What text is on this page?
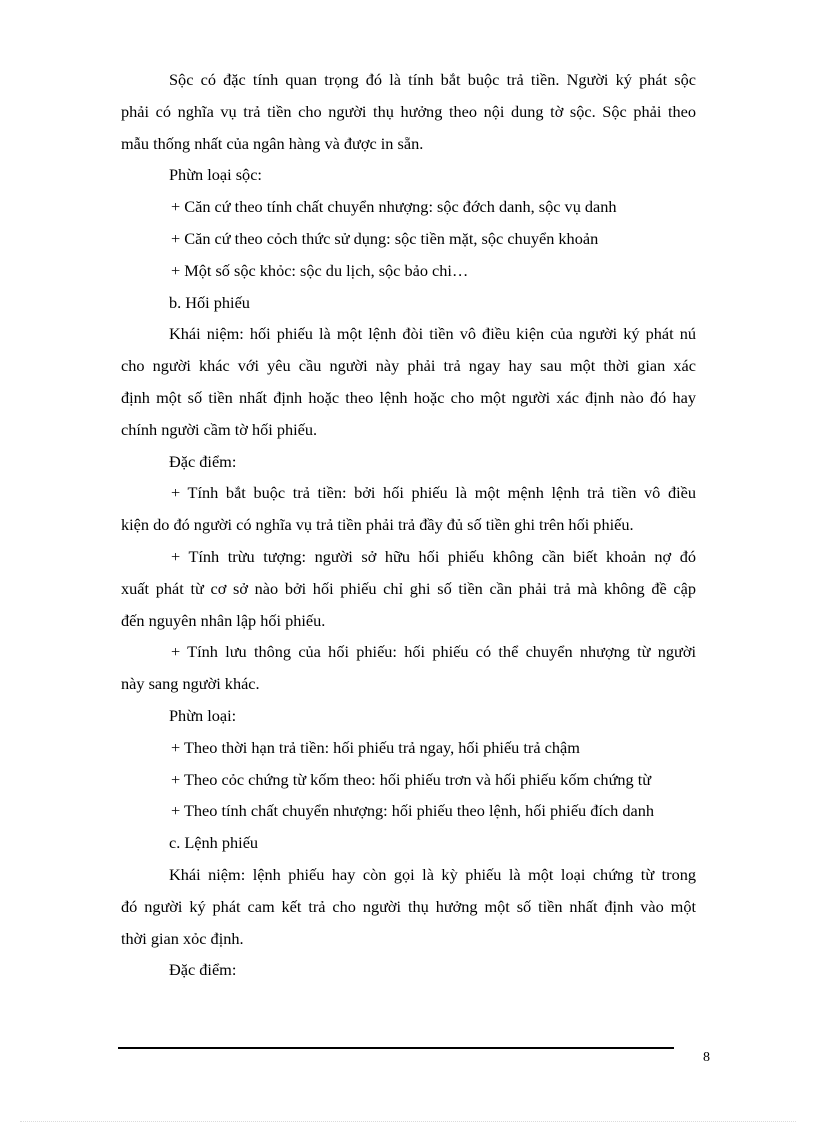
Sộc có đặc tính quan trọng đó là tính bắt buộc trả tiền. Người ký phát sộc
phải có nghĩa vụ trả tiền cho người thụ hưởng theo nội dung tờ sộc. Sộc phải theo
mẫu thống nhất của ngân hàng và được in sẵn.
Phừn loại sộc:
+ Căn cứ theo tính chất chuyển nhượng: sộc đớch danh, sộc vụ danh
+ Căn cứ theo cỏch thức sử dụng: sộc tiền mặt, sộc chuyển khoản
+ Một số sộc khỏc: sộc du lịch, sộc bảo chi…
b. Hối phiếu
Khái niệm: hối phiếu là một lệnh đòi tiền vô điều kiện của người ký phát nú
cho người khác với yêu cầu người này phải trả ngay hay sau một thời gian xác
định một số tiền nhất định hoặc theo lệnh hoặc cho một người xác định nào đó hay
chính người cầm tờ hối phiếu.
Đặc điểm:
+ Tính bắt buộc trả tiền: bởi hối phiếu là một mệnh lệnh trả tiền vô điều
kiện do đó người có nghĩa vụ trả tiền phải trả đầy đủ số tiền ghi trên hối phiếu.
+ Tính trừu tượng: người sở hữu hối phiếu không cần biết khoản nợ đó
xuất phát từ cơ sở nào bởi hối phiếu chỉ ghi số tiền cần phải trả mà không đề cập
đến nguyên nhân lập hối phiếu.
+ Tính lưu thông của hối phiếu: hối phiếu có thể chuyển nhượng từ người
này sang người khác.
Phừn loại:
+ Theo thời hạn trả tiền: hối phiếu trả ngay, hối phiếu trả chậm
+ Theo cỏc chứng từ kốm theo: hối phiếu trơn và hối phiếu kốm chứng từ
+ Theo tính chất chuyển nhượng: hối phiếu theo lệnh, hối phiếu đích danh
c. Lệnh phiếu
Khái niệm: lệnh phiếu hay còn gọi là kỳ phiếu là một loại chứng từ trong
đó người ký phát cam kết trả cho người thụ hưởng một số tiền nhất định vào một
thời gian xỏc định.
Đặc điểm:
8
